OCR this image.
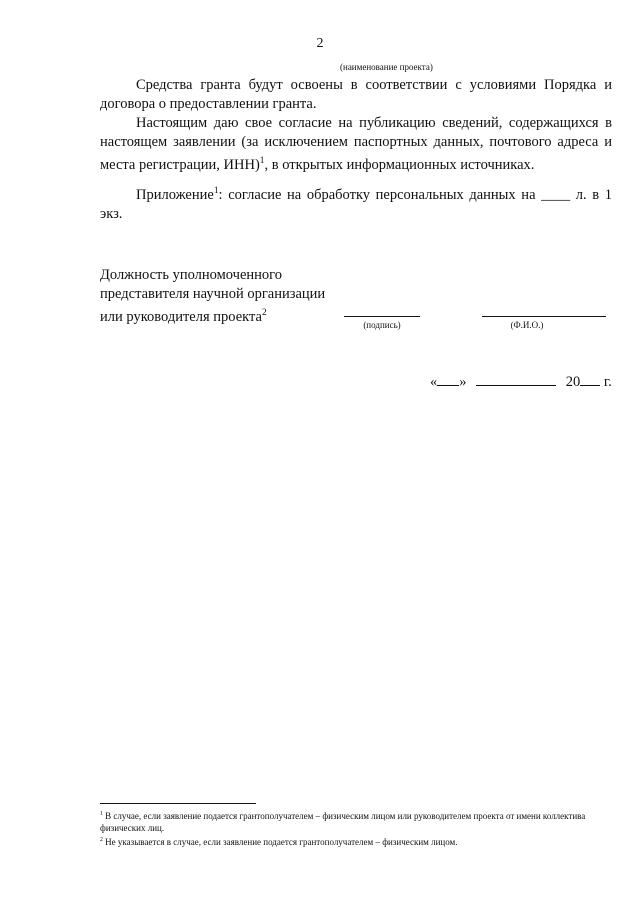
2
(наименование проекта)

Средства гранта будут освоены в соответствии с условиями Порядка и договора о предоставлении гранта.

Настоящим даю свое согласие на публикацию сведений, содержащихся в настоящем заявлении (за исключением паспортных данных, почтового адреса и места регистрации, ИНН)$^1$, в открытых информационных источниках.

Приложение$^1$: согласие на обработку персональных данных на ____ л. в 1 экз.

Должность уполномоченного
представителя научной организации
или руководителя проекта$^2$
(подпись)	(Ф.И.О.)
« »	20 г.
$^1$ В случае, если заявление подается грантополучателем – физическим лицом или руководителем проекта от имени коллектива физических лиц.
$^2$ Не указывается в случае, если заявление подается грантополучателем – физическим лицом.
